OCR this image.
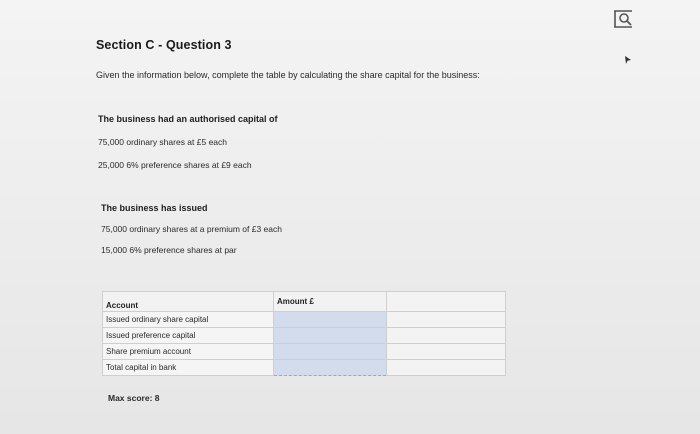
Section C - Question 3
Given the information below, complete the table by calculating the share capital for the business:
The business had an authorised capital of
75,000 ordinary shares at £5 each
25,000 6% preference shares at £9 each
The business has issued
75,000 ordinary shares at a premium of £3 each
15,000 6% preference shares at par
Account	Amount £	
Issued ordinary share capital		
Issued preference capital		
Share premium account		
Total capital in bank		
Max score: 8
